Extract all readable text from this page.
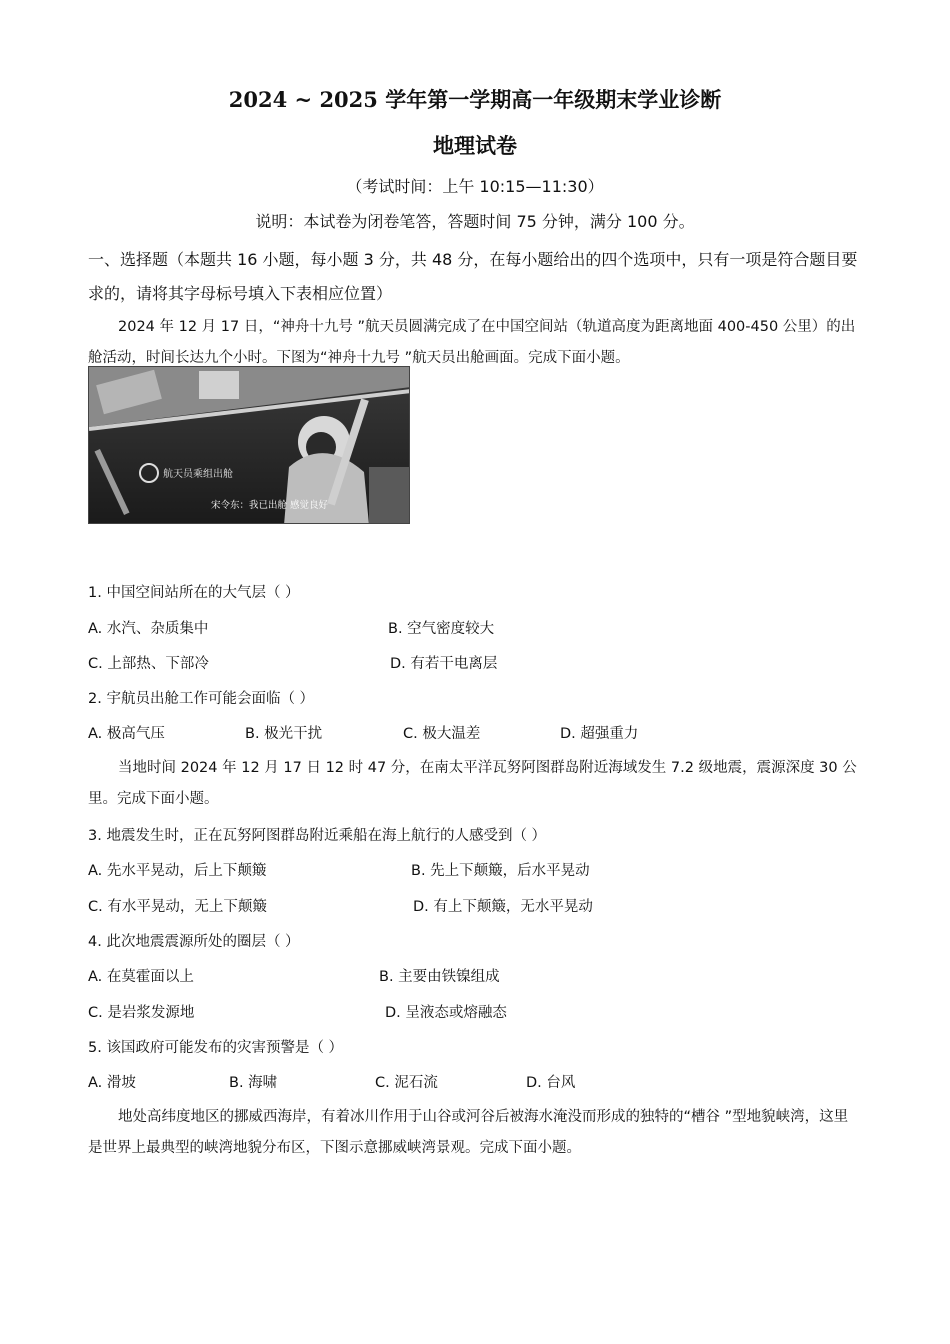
2024 ~ 2025 学年第一学期高一年级期末学业诊断
地理试卷
（考试时间：上午 10:15—11:30）
说明：本试卷为闭卷笔答，答题时间 75 分钟，满分 100 分。
一、选择题（本题共 16 小题，每小题 3 分，共 48 分，在每小题给出的四个选项中，只有一项是符合题目要求的，请将其字母标号填入下表相应位置）
2024 年 12 月 17 日，“神舟十九号 ”航天员圆满完成了在中国空间站（轨道高度为距离地面 400-450 公里）的出舱活动，时间长达九个小时。下图为“神舟十九号 ”航天员出舱画面。完成下面小题。
航天员乘组出舱
宋令东：我已出舱 感觉良好
1. 中国空间站所在的大气层（ ）
A. 水汽、杂质集中	B. 空气密度较大
C. 上部热、下部冷	D. 有若干电离层
2. 宇航员出舱工作可能会面临（ ）
A. 极高气压	B. 极光干扰	C. 极大温差	D. 超强重力
当地时间 2024 年 12 月 17 日 12 时 47 分，在南太平洋瓦努阿图群岛附近海域发生 7.2 级地震，震源深度 30 公里。完成下面小题。
3. 地震发生时，正在瓦努阿图群岛附近乘船在海上航行的人感受到（ ）
A. 先水平晃动，后上下颠簸	B. 先上下颠簸，后水平晃动
C. 有水平晃动，无上下颠簸	D. 有上下颠簸，无水平晃动
4. 此次地震震源所处的圈层（ ）
A. 在莫霍面以上	B. 主要由铁镍组成
C. 是岩浆发源地	D. 呈液态或熔融态
5. 该国政府可能发布的灾害预警是（ ）
A. 滑坡	B. 海啸	C. 泥石流	D. 台风
地处高纬度地区的挪威西海岸，有着冰川作用于山谷或河谷后被海水淹没而形成的独特的“槽谷 ”型地貌峡湾，这里是世界上最典型的峡湾地貌分布区，下图示意挪威峡湾景观。完成下面小题。
